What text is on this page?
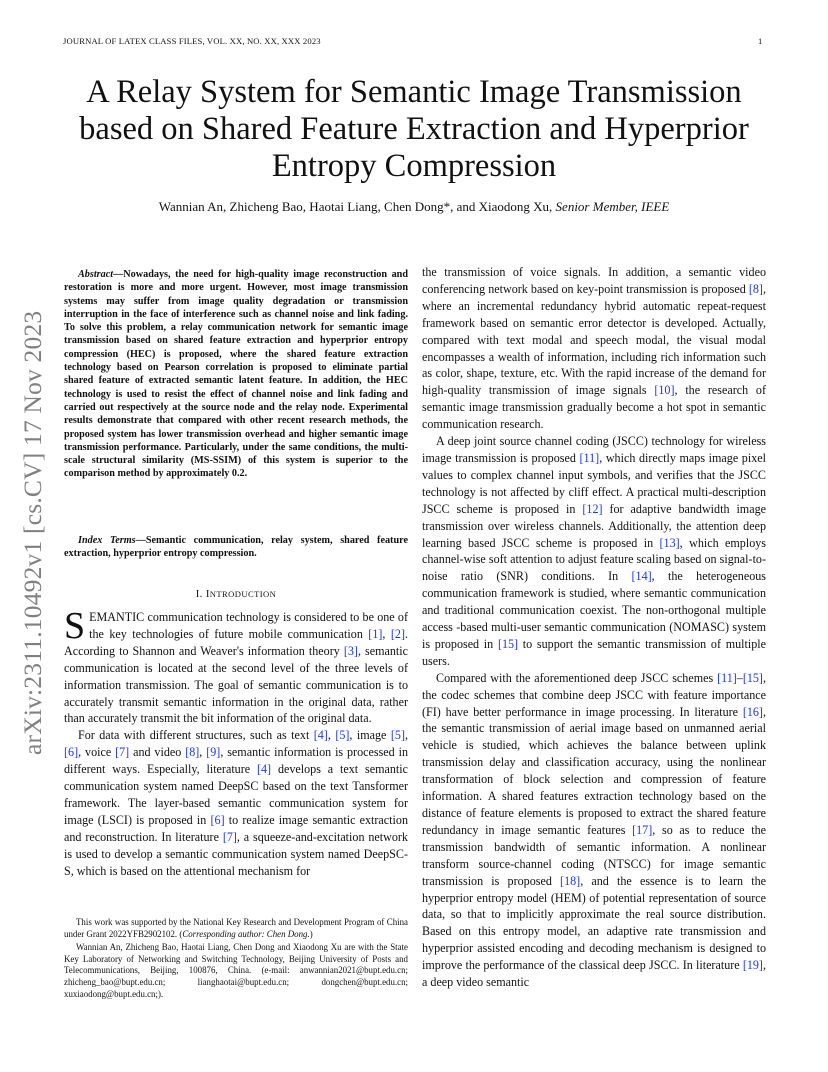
JOURNAL OF LATEX CLASS FILES, VOL. XX, NO. XX, XXX 2023	1
arXiv:2311.10492v1 [cs.CV] 17 Nov 2023
A Relay System for Semantic Image Transmission
based on Shared Feature Extraction and Hyperprior
Entropy Compression
Wannian An, Zhicheng Bao, Haotai Liang, Chen Dong*, and Xiaodong Xu, Senior Member, IEEE

Abstract—Nowadays, the need for high-quality image reconstruction and restoration is more and more urgent. However, most image transmission systems may suffer from image quality degradation or transmission interruption in the face of interference such as channel noise and link fading. To solve this problem, a relay communication network for semantic image transmission based on shared feature extraction and hyperprior entropy compression (HEC) is proposed, where the shared feature extraction technology based on Pearson correlation is proposed to eliminate partial shared feature of extracted semantic latent feature. In addition, the HEC technology is used to resist the effect of channel noise and link fading and carried out respectively at the source node and the relay node. Experimental results demonstrate that compared with other recent research methods, the proposed system has lower transmission overhead and higher semantic image transmission performance. Particularly, under the same conditions, the multi-scale structural similarity (MS-SSIM) of this system is superior to the comparison method by approximately 0.2.

Index Terms—Semantic communication, relay system, shared feature extraction, hyperprior entropy compression.

I. INTRODUCTION

SEMANTIC communication technology is considered to be one of the key technologies of future mobile communication [1], [2]. According to Shannon and Weaver's information theory [3], semantic communication is located at the second level of the three levels of information transmission. The goal of semantic communication is to accurately transmit semantic information in the original data, rather than accurately transmit the bit information of the original data.

For data with different structures, such as text [4], [5], image [5], [6], voice [7] and video [8], [9], semantic information is processed in different ways. Especially, literature [4] develops a text semantic communication system named DeepSC based on the text Tansformer framework. The layer-based semantic communication system for image (LSCI) is proposed in [6] to realize image semantic extraction and reconstruction. In literature [7], a squeeze-and-excitation network is used to develop a semantic communication system named DeepSC-S, which is based on the attentional mechanism for

This work was supported by the National Key Research and Development Program of China under Grant 2022YFB2902102. (Corresponding author: Chen Dong.)

Wannian An, Zhicheng Bao, Haotai Liang, Chen Dong and Xiaodong Xu are with the State Key Laboratory of Networking and Switching Technology, Beijing University of Posts and Telecommunications, Beijing, 100876, China. (e-mail: anwannian2021@bupt.edu.cn; zhicheng_bao@bupt.edu.cn; lianghaotai@bupt.edu.cn; dongchen@bupt.edu.cn; xuxiaodong@bupt.edu.cn;).

the transmission of voice signals. In addition, a semantic video conferencing network based on key-point transmission is proposed [8], where an incremental redundancy hybrid automatic repeat-request framework based on semantic error detector is developed. Actually, compared with text modal and speech modal, the visual modal encompasses a wealth of information, including rich information such as color, shape, texture, etc. With the rapid increase of the demand for high-quality transmission of image signals [10], the research of semantic image transmission gradually become a hot spot in semantic communication research.

A deep joint source channel coding (JSCC) technology for wireless image transmission is proposed [11], which directly maps image pixel values to complex channel input symbols, and verifies that the JSCC technology is not affected by cliff effect. A practical multi-description JSCC scheme is proposed in [12] for adaptive bandwidth image transmission over wireless channels. Additionally, the attention deep learning based JSCC scheme is proposed in [13], which employs channel-wise soft attention to adjust feature scaling based on signal-to-noise ratio (SNR) conditions. In [14], the heterogeneous communication framework is studied, where semantic communication and traditional communication coexist. The non-orthogonal multiple access -based multi-user semantic communication (NOMASC) system is proposed in [15] to support the semantic transmission of multiple users.

Compared with the aforementioned deep JSCC schemes [11]–[15], the codec schemes that combine deep JSCC with feature importance (FI) have better performance in image processing. In literature [16], the semantic transmission of aerial image based on unmanned aerial vehicle is studied, which achieves the balance between uplink transmission delay and classification accuracy, using the nonlinear transformation of block selection and compression of feature information. A shared features extraction technology based on the distance of feature elements is proposed to extract the shared feature redundancy in image semantic features [17], so as to reduce the transmission bandwidth of semantic information. A nonlinear transform source-channel coding (NTSCC) for image semantic transmission is proposed [18], and the essence is to learn the hyperprior entropy model (HEM) of potential representation of source data, so that to implicitly approximate the real source distribution. Based on this entropy model, an adaptive rate transmission and hyperprior assisted encoding and decoding mechanism is designed to improve the performance of the classical deep JSCC. In literature [19], a deep video semantic
